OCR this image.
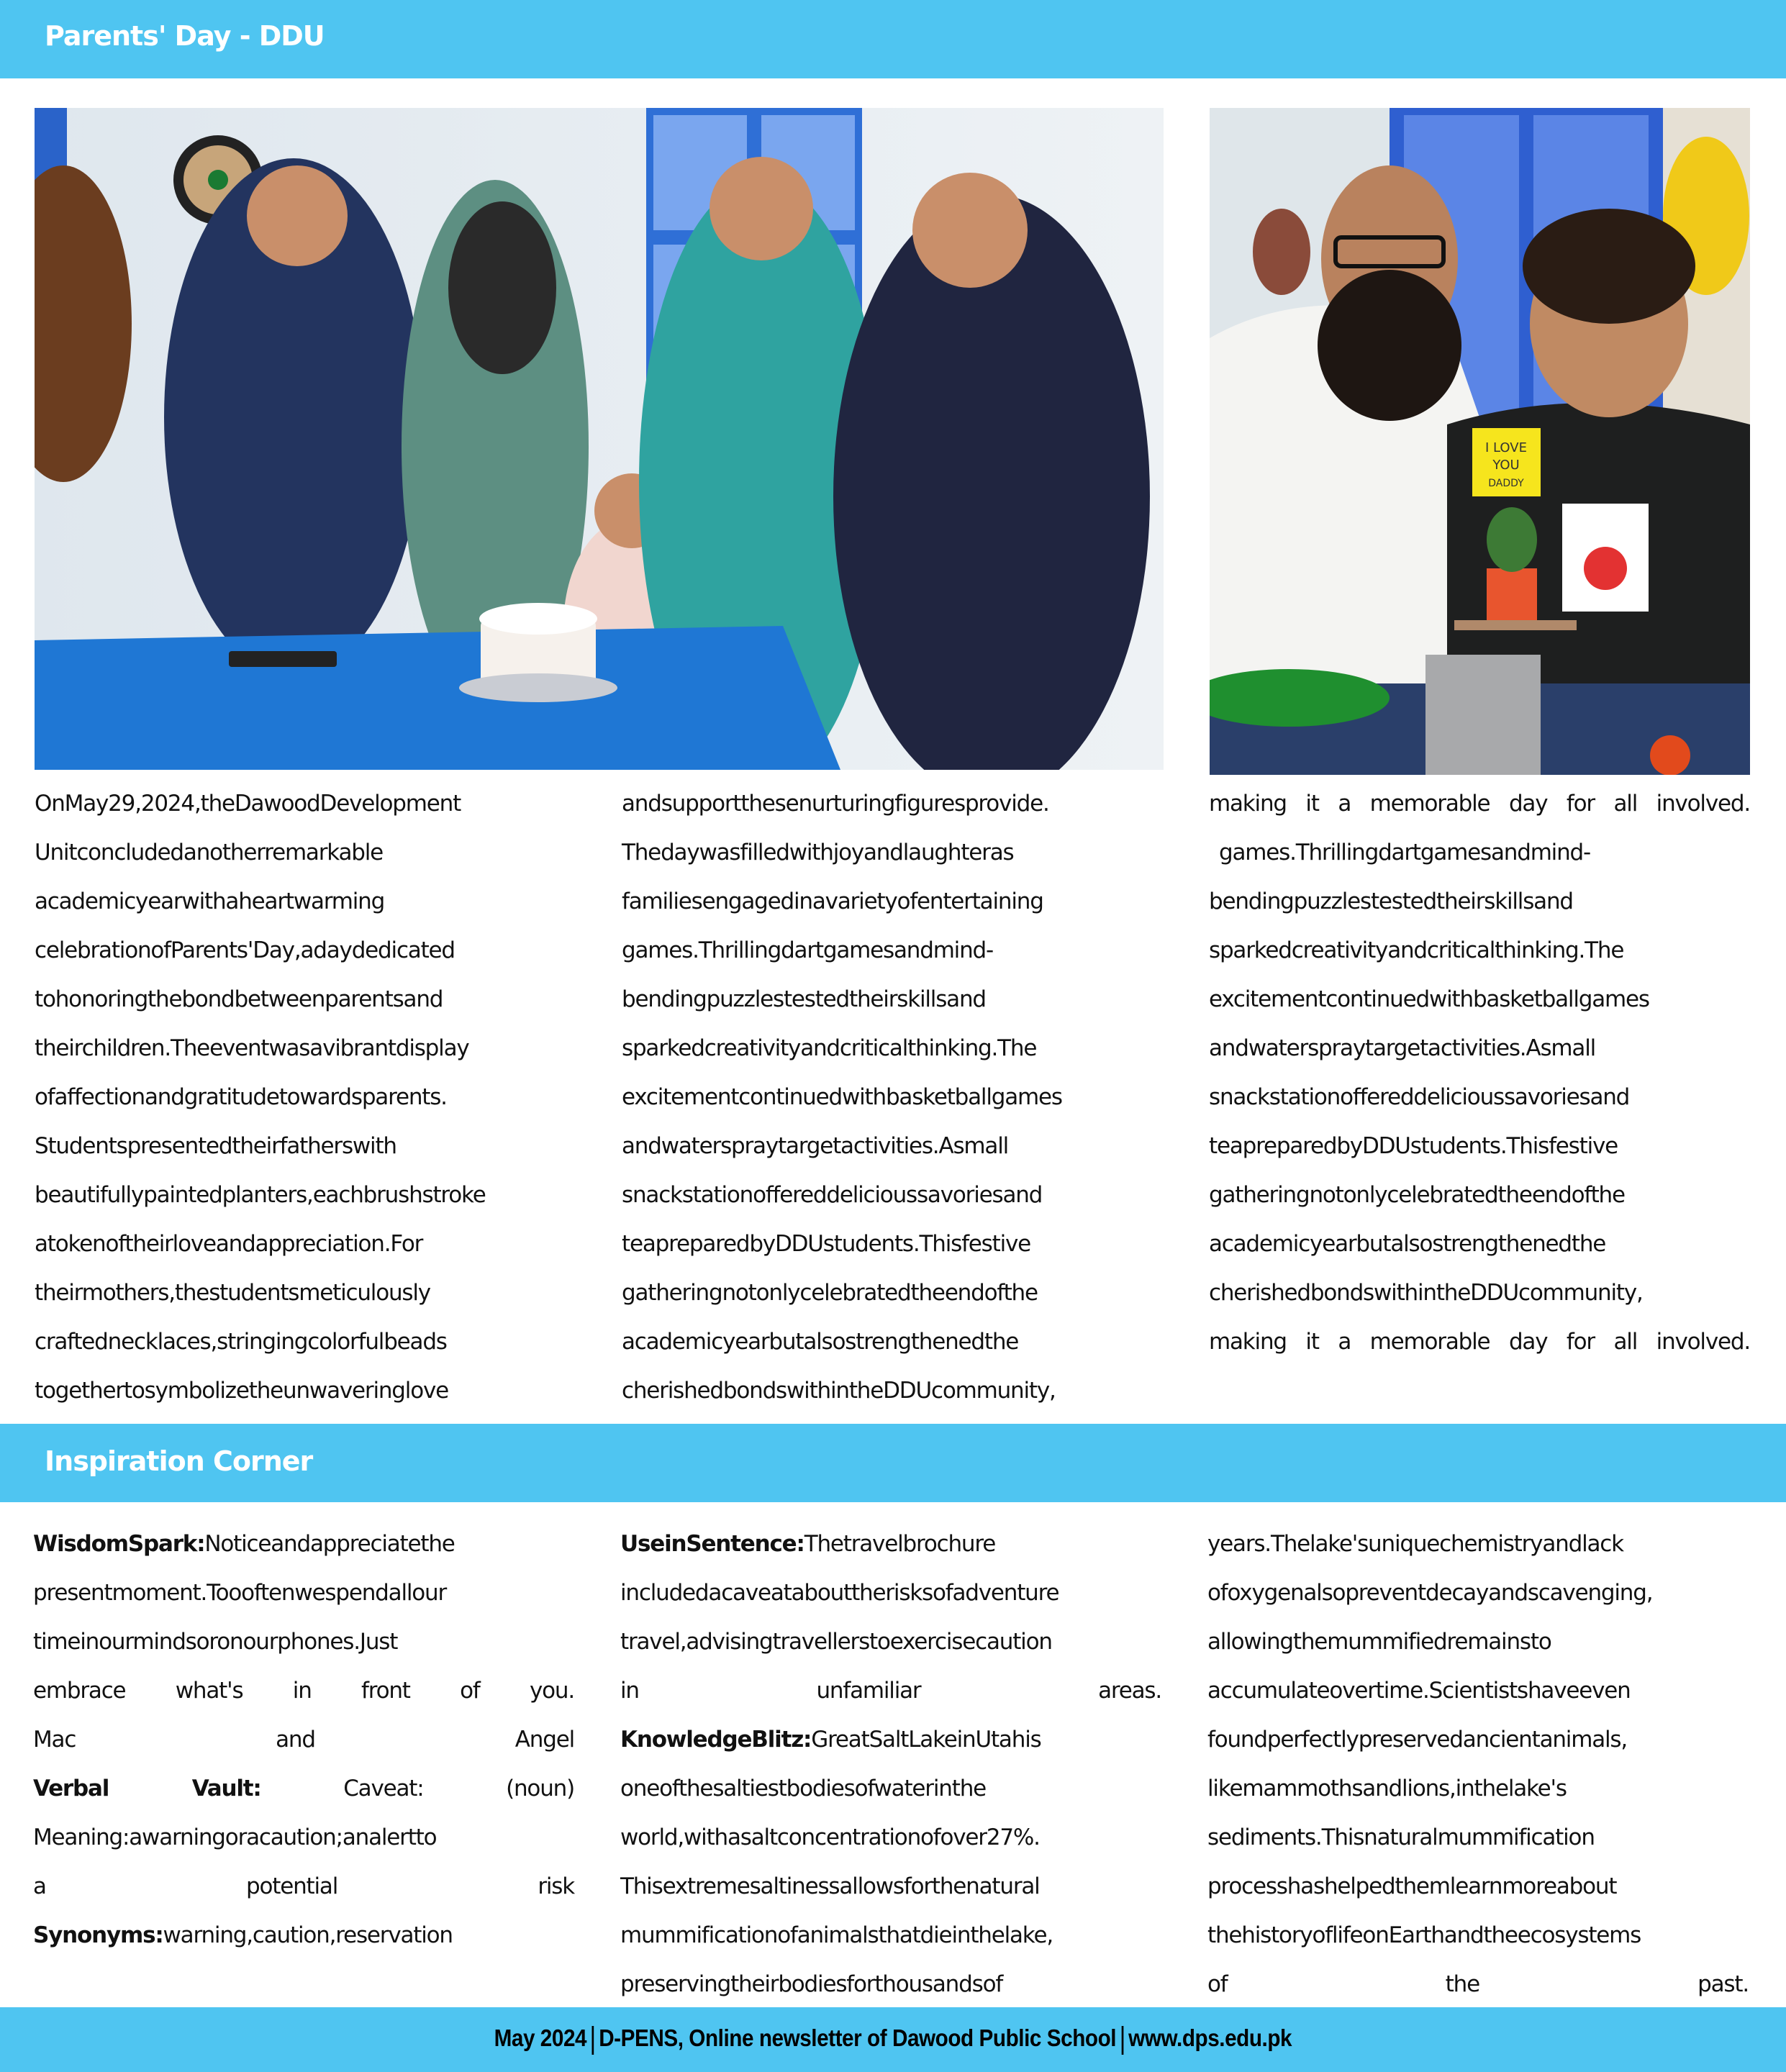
Parents' Day - DDU
I LOVE
YOU
DADDY
OnMay29,2024,theDawoodDevelopment
Unitconcludedanotherremarkable
academicyearwithaheartwarming
celebrationofParents'Day,adaydedicated
tohonoringthebondbetweenparentsand
theirchildren.Theeventwasavibrantdisplay
ofaffectionandgratitudetowardsparents.
Studentspresentedtheirfatherswith
beautifullypaintedplanters,eachbrushstroke
atokenoftheirloveandappreciation.For
theirmothers,thestudentsmeticulously
craftednecklaces,stringingcolorfulbeads
togethertosymbolizetheunwaveringlove
andsupportthesenurturingfiguresprovide.
Thedaywasfilledwithjoyandlaughteras
familiesengagedinavarietyofentertaining
games.Thrillingdartgamesandmind-
bendingpuzzlestestedtheirskillsand
sparkedcreativityandcriticalthinking.The
excitementcontinuedwithbasketballgames
andwaterspraytargetactivities.Asmall
snackstationoffereddelicioussavoriesand
teapreparedbyDDUstudents.Thisfestive
gatheringnotonlycelebratedtheendofthe
academicyearbutalsostrengthenedthe
cherishedbondswithintheDDUcommunity,
making it a memorable day for all involved.
games.Thrillingdartgamesandmind-
bendingpuzzlestestedtheirskillsand
sparkedcreativityandcriticalthinking.The
excitementcontinuedwithbasketballgames
andwaterspraytargetactivities.Asmall
snackstationoffereddelicioussavoriesand
teapreparedbyDDUstudents.Thisfestive
gatheringnotonlycelebratedtheendofthe
academicyearbutalsostrengthenedthe
cherishedbondswithintheDDUcommunity,
making it a memorable day for all involved.
Inspiration Corner
WisdomSpark:Noticeandappreciatethe
presentmoment.Toooftenwespendallour
timeinourmindsoronourphones.Just
embrace what's in front of you.
Mac and Angel
Verbal Vault: Caveat: (noun)
Meaning:awarningoracaution;analertto
a potential risk
Synonyms:warning,caution,reservation
UseinSentence:Thetravelbrochure
includedacaveatabouttherisksofadventure
travel,advisingtravellerstoexercisecaution
in unfamiliar areas.
KnowledgeBlitz:GreatSaltLakeinUtahis
oneofthesaltiestbodiesofwaterinthe
world,withasaltconcentrationofover27%.
Thisextremesaltinessallowsforthenatural
mummificationofanimalsthatdieinthelake,
preservingtheirbodiesforthousandsof
years.Thelake'suniquechemistryandlack
ofoxygenalsopreventdecayandscavenging,
allowingthemummifiedremainsto
accumulateovertime.Scientistshaveeven
foundperfectlypreservedancientanimals,
likemammothsandlions,inthelake's
sediments.Thisnaturalmummification
processhashelpedthemlearnmoreabout
thehistoryoflifeonEarthandtheecosystems
of the past.
May 2024 D-PENS, Online newsletter of Dawood Public School www.dps.edu.pk
